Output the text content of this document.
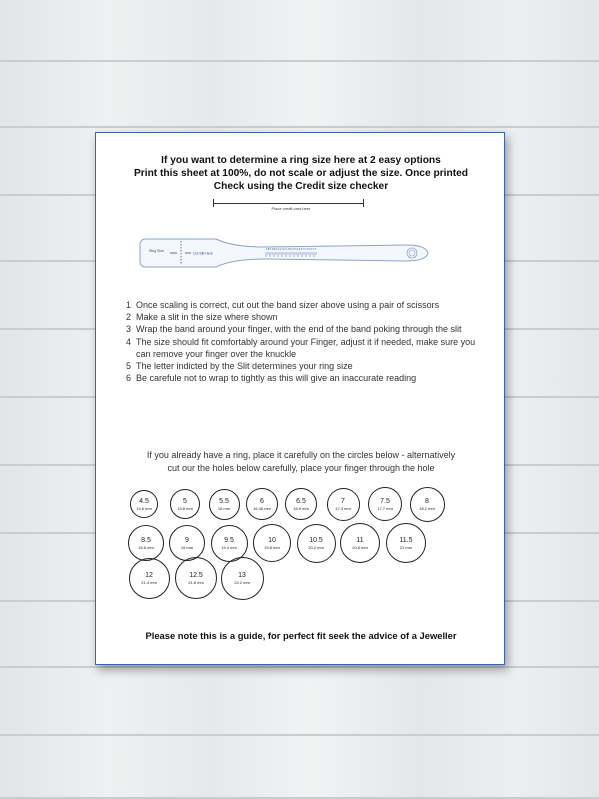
If you want to determine a ring size here at 2 easy options
Print this sheet at 100%, do not scale or adjust the size. Once printed
Check using the Credit size checker
Place credit card here
Ring Size
Cut Slit Here
A B C D E F G H I J K L M N O P Q R S T U V W X Y Z
1 Once scaling is correct, cut out the band sizer above using a pair of scissors
2 Make a slit in the size where shown
3 Wrap the band around your finger, with the end of the band poking through the slit
4 The size should fit comfortably around your Finger, adjust it if needed, make sure you can remove your finger over the knuckle
5 The letter indicted by the Slit determines your ring size
6 Be carefule not to wrap to tightly as this will give an inaccurate reading
If you already have a ring, place it carefully on the circles below - alternatively
cut our the holes below carefully, place your finger through the hole
4.5
14.6 mm
5
15.6 mm
5.5
16 mm
6
16.45 mm
6.5
16.9 mm
7
17.3 mm
7.5
17.7 mm
8
18.2 mm
8.5
18.6 mm
9
19 mm
9.5
19.4 mm
10
19.8 mm
10.5
20.2 mm
11
20.6 mm
11.5
21 mm
12
21.4 mm
12.5
21.8 mm
13
22.2 mm
Please note this is a guide, for perfect fit seek the advice of a Jeweller
